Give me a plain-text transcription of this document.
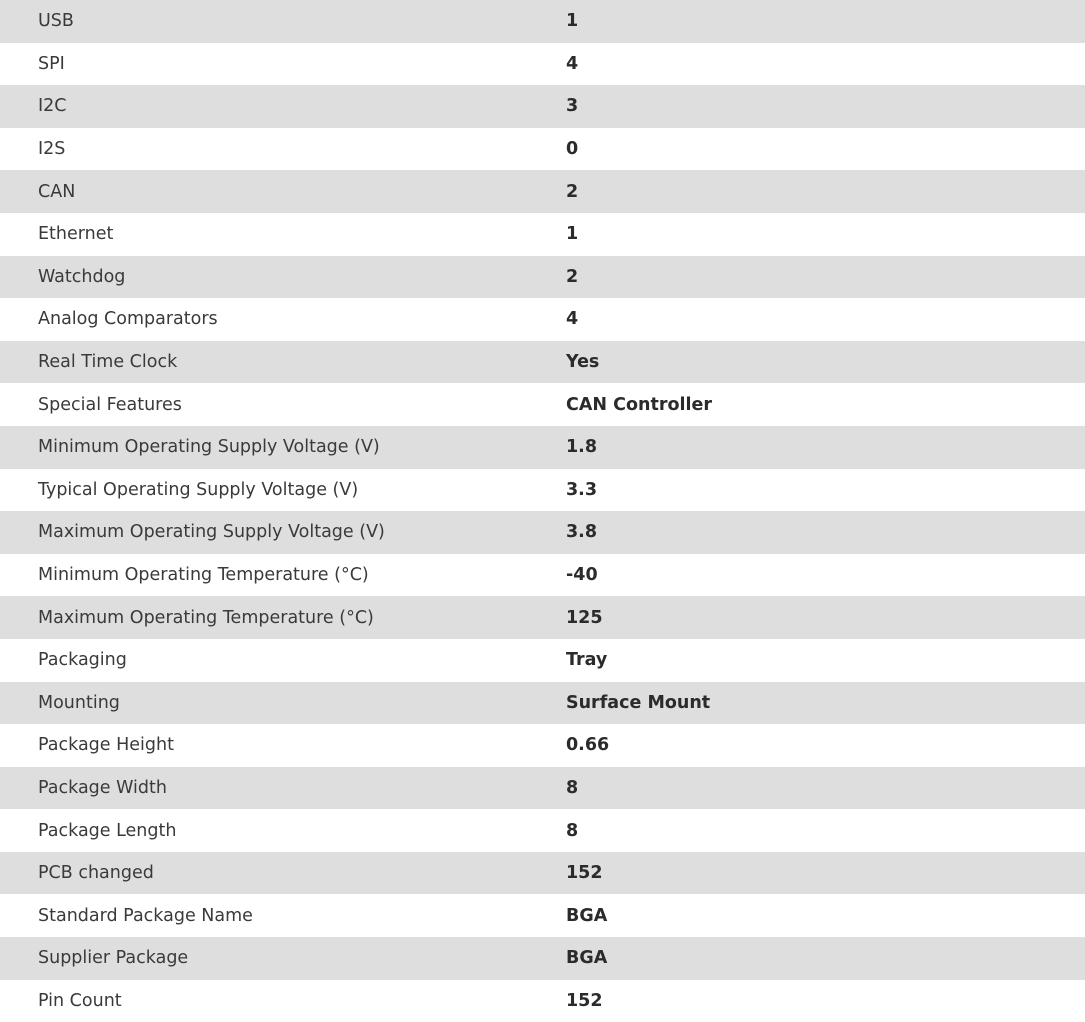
USB	1
SPI	4
I2C	3
I2S	0
CAN	2
Ethernet	1
Watchdog	2
Analog Comparators	4
Real Time Clock	Yes
Special Features	CAN Controller
Minimum Operating Supply Voltage (V)	1.8
Typical Operating Supply Voltage (V)	3.3
Maximum Operating Supply Voltage (V)	3.8
Minimum Operating Temperature (°C)	-40
Maximum Operating Temperature (°C)	125
Packaging	Tray
Mounting	Surface Mount
Package Height	0.66
Package Width	8
Package Length	8
PCB changed	152
Standard Package Name	BGA
Supplier Package	BGA
Pin Count	152
